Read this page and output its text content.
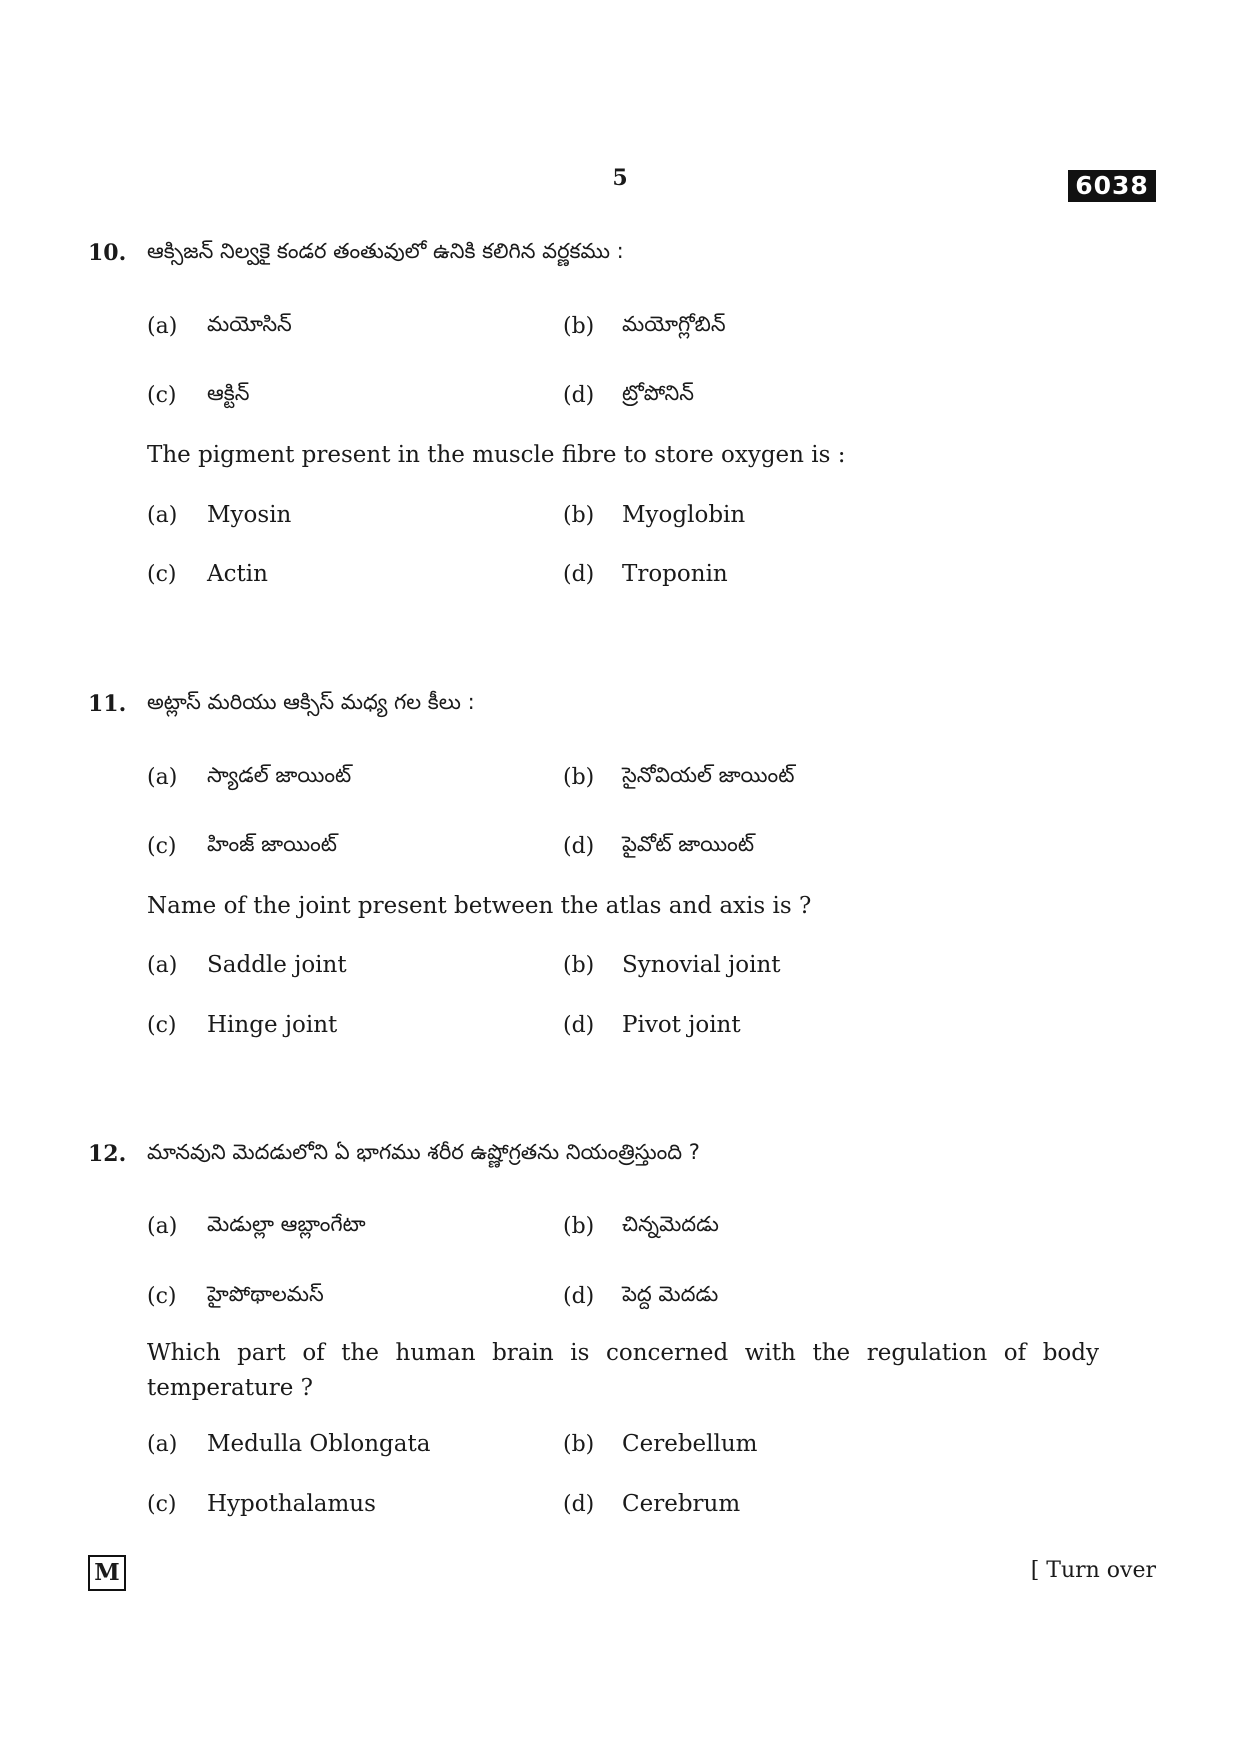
5	6038
10. ఆక్సిజన్ నిల్వకై కండర తంతువులో ఉనికి కలిగిన వర్ణకము :
(a) మయోసిన్	(b) మయోగ్లోబిన్
(c) ఆక్టిన్	(d) ట్రోపోనిన్
The pigment present in the muscle fibre to store oxygen is :
(a) Myosin	(b) Myoglobin
(c) Actin	(d) Troponin
11. అట్లాస్ మరియు ఆక్సిస్ మధ్య గల కీలు :
(a) స్యాడల్ జాయింట్	(b) సైనోవియల్ జాయింట్
(c) హింజ్ జాయింట్	(d) పైవోట్ జాయింట్
Name of the joint present between the atlas and axis is ?
(a) Saddle joint	(b) Synovial joint
(c) Hinge joint	(d) Pivot joint
12. మానవుని మెదడులోని ఏ భాగము శరీర ఉష్ణోగ్రతను నియంత్రిస్తుంది ?
(a) మెడుల్లా ఆబ్లాంగేటా	(b) చిన్నమెదడు
(c) హైపోథాలమస్	(d) పెద్ద మెదడు
Which part of the human brain is concerned with the regulation of body temperature ?
(a) Medulla Oblongata	(b) Cerebellum
(c) Hypothalamus	(d) Cerebrum
M	[ Turn over
